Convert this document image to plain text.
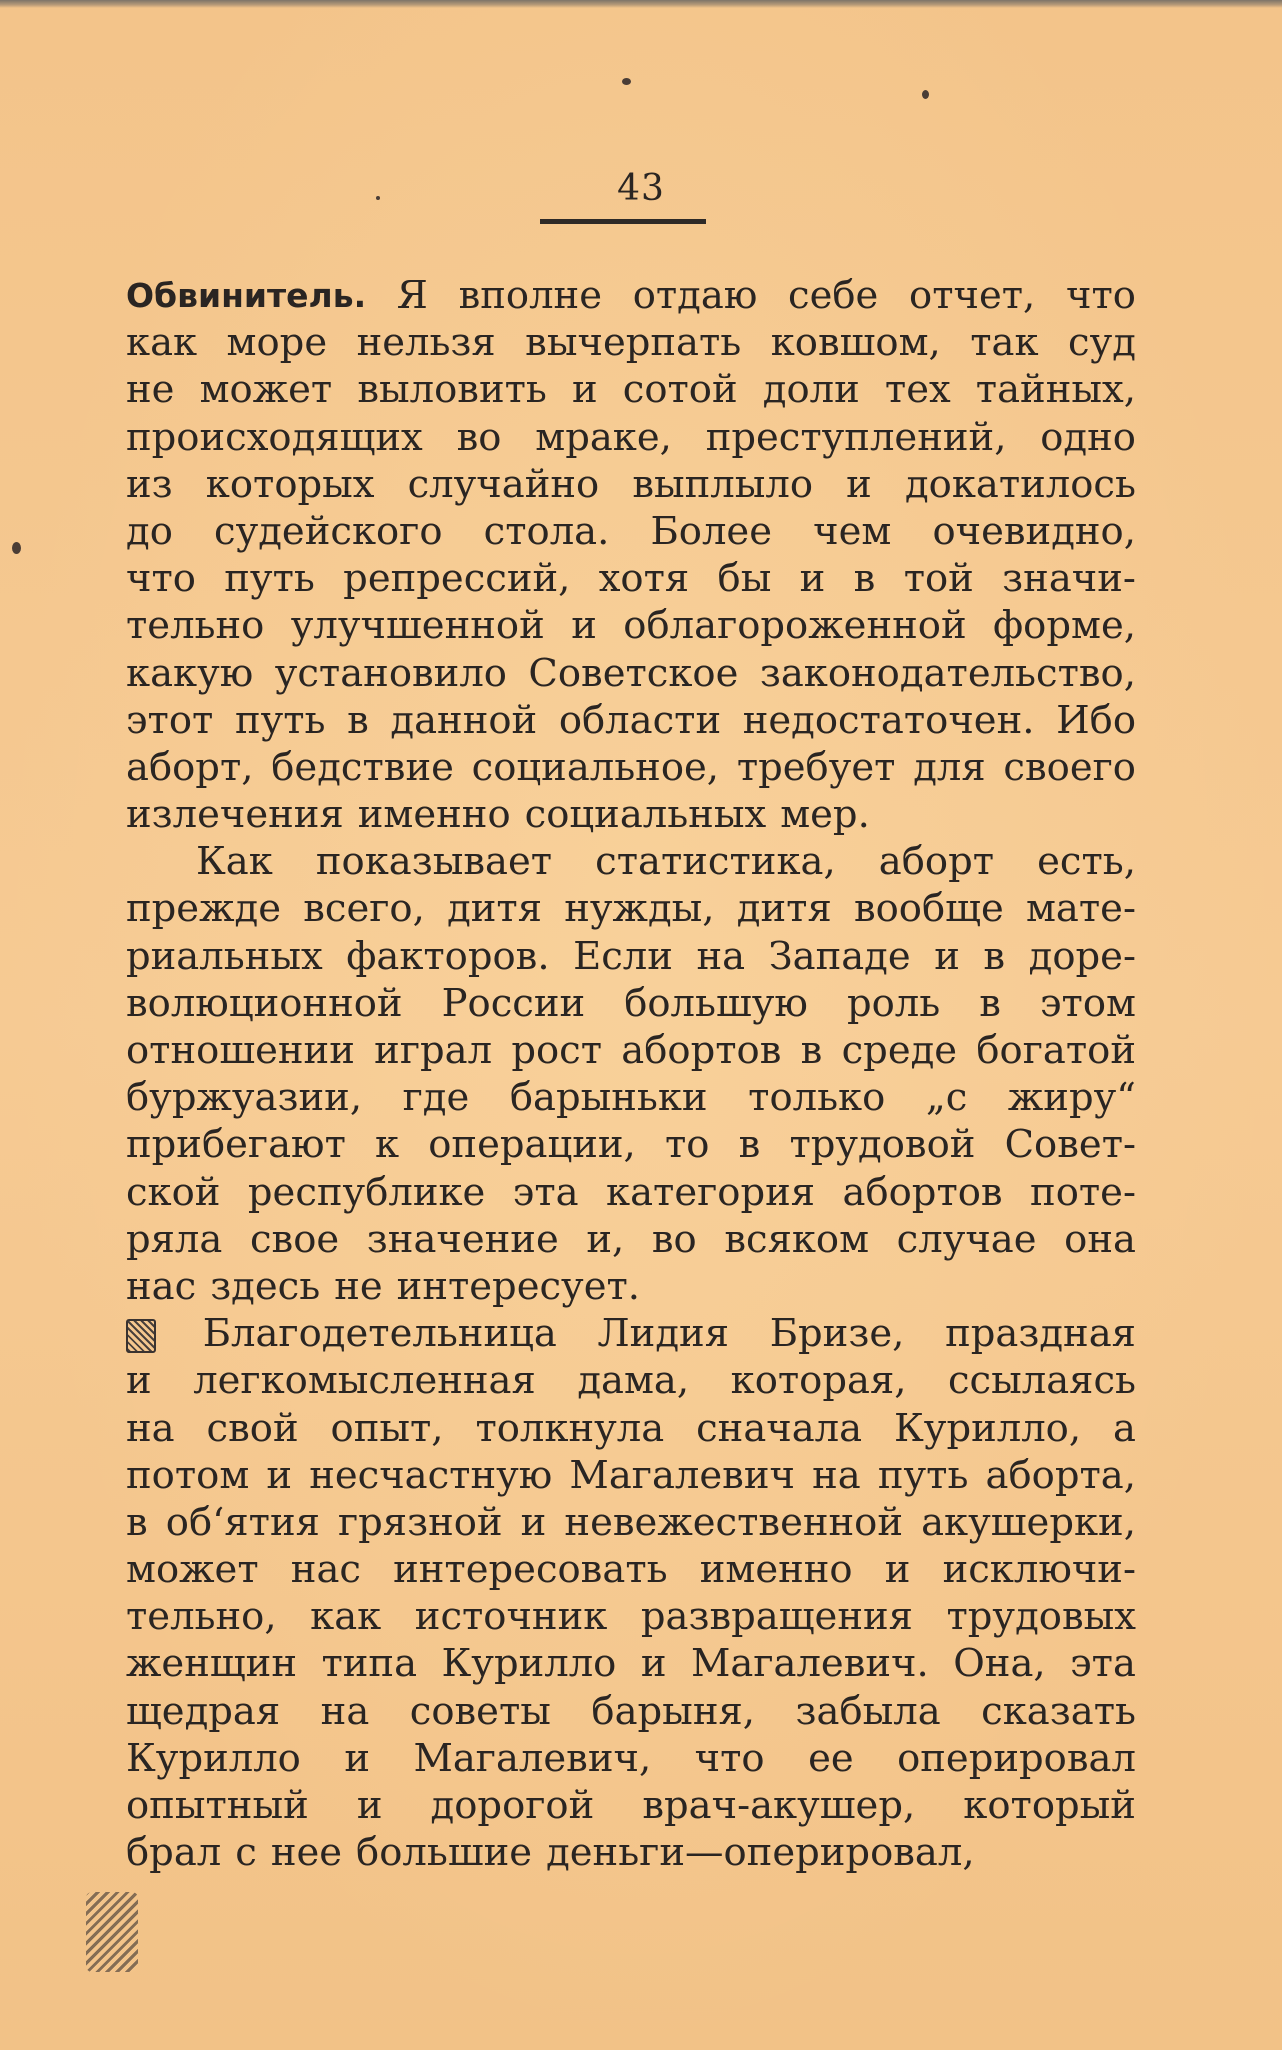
43
Обвинитель. Я вполне отдаю себе отчет, что
как море нельзя вычерпать ковшом, так суд
не может выловить и сотой доли тех тайных,
происходящих во мраке, преступлений, одно
из которых случайно выплыло и докатилось
до судейского стола. Более чем очевидно,
что путь репрессий, хотя бы и в той значи-
тельно улучшенной и облагороженной форме,
какую установило Советское законодательство,
этот путь в данной области недостаточен. Ибо
аборт, бедствие социальное, требует для своего
излечения именно социальных мер.
Как показывает статистика, аборт есть,
прежде всего, дитя нужды, дитя вообще мате-
риальных факторов. Если на Западе и в доре-
волюционной России большую роль в этом
отношении играл рост абортов в среде богатой
буржуазии, где барыньки только „с жиру“
прибегают к операции, то в трудовой Совет-
ской республике эта категория абортов поте-
ряла свое значение и, во всяком случае она
нас здесь не интересует.
Благодетельница Лидия Бризе, праздная
и легкомысленная дама, которая, ссылаясь
на свой опыт, толкнула сначала Курилло, а
потом и несчастную Магалевич на путь аборта,
в об‘ятия грязной и невежественной акушерки,
может нас интересовать именно и исключи-
тельно, как источник развращения трудовых
женщин типа Курилло и Магалевич. Она, эта
щедрая на советы барыня, забыла сказать
Курилло и Магалевич, что ее оперировал
опытный и дорогой врач-акушер, который
брал с нее большие деньги—оперировал,
